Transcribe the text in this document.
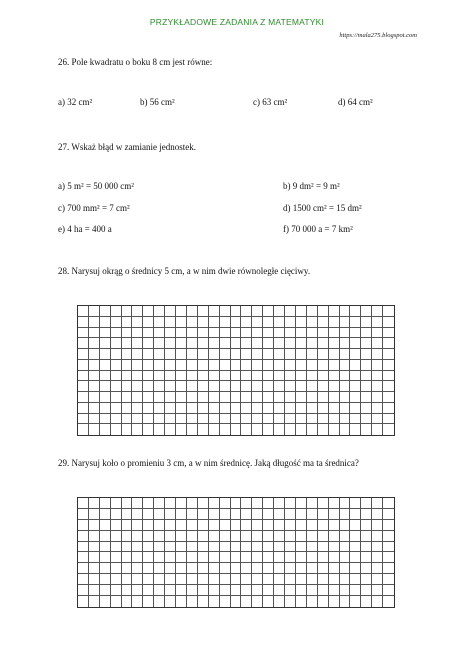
PRZYKŁADOWE ZADANIA Z MATEMATYKI
https://mala275.blogspot.com
26. Pole kwadratu o boku 8 cm jest równe:
a) 32 cm²	b) 56 cm²	c) 63 cm²	d) 64 cm²
27. Wskaż błąd w zamianie jednostek.
a) 5 m² = 50 000 cm²	b) 9 dm² = 9 m²
c) 700 mm² = 7 cm²	d) 1500 cm² = 15 dm²
e) 4 ha = 400 a	f) 70 000 a = 7 km²
28. Narysuj okrąg o średnicy 5 cm, a w nim dwie równoległe cięciwy.
29. Narysuj koło o promieniu 3 cm, a w nim średnicę. Jaką długość ma ta średnica?
